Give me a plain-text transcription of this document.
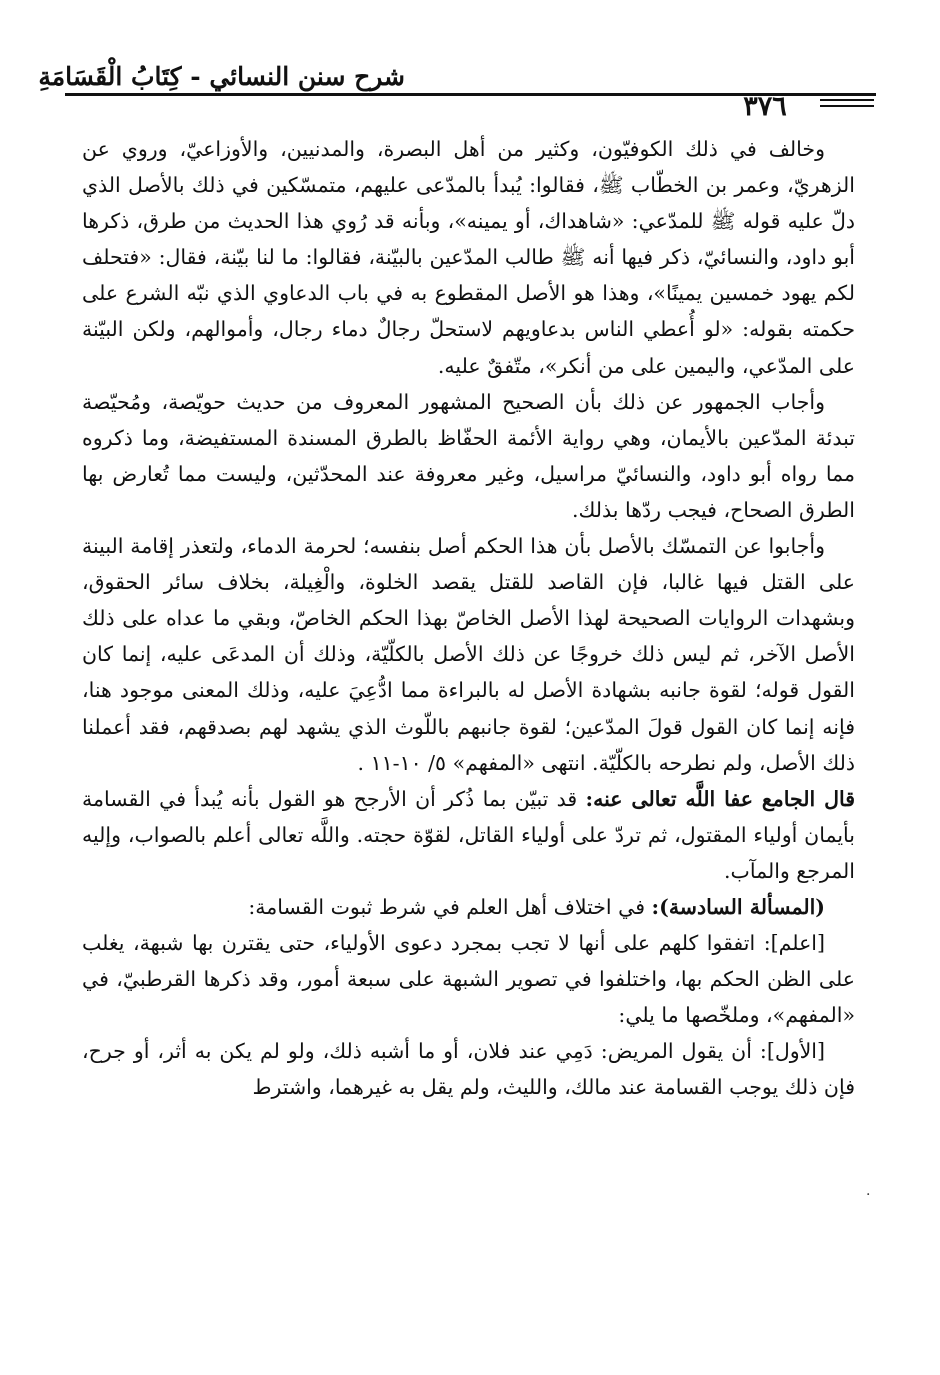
شرح سنن النسائي - كِتَابُ الْقَسَامَةِ
٣٧٦

وخالف في ذلك الكوفيّون، وكثير من أهل البصرة، والمدنيين، والأوزاعيّ، وروي عن الزهريّ، وعمر بن الخطّاب ﷺ، فقالوا: يُبدأ بالمدّعى عليهم، متمسّكين في ذلك بالأصل الذي دلّ عليه قوله ﷺ للمدّعي: «شاهداك، أو يمينه»، وبأنه قد رُوي هذا الحديث من طرق، ذكرها أبو داود، والنسائيّ، ذكر فيها أنه ﷺ طالب المدّعين بالبيّنة، فقالوا: ما لنا بيّنة، فقال: «فتحلف لكم يهود خمسين يمينًا»، وهذا هو الأصل المقطوع به في باب الدعاوي الذي نبّه الشرع على حكمته بقوله: «لو أُعطي الناس بدعاويهم لاستحلّ رجالٌ دماء رجال، وأموالهم، ولكن البيّنة على المدّعي، واليمين على من أنكر»، متّفقٌ عليه.

وأجاب الجمهور عن ذلك بأن الصحيح المشهور المعروف من حديث حويّصة، ومُحيّصة تبدئة المدّعين بالأيمان، وهي رواية الأئمة الحفّاظ بالطرق المسندة المستفيضة، وما ذكروه مما رواه أبو داود، والنسائيّ مراسيل، وغير معروفة عند المحدّثين، وليست مما تُعارض بها الطرق الصحاح، فيجب ردّها بذلك.

وأجابوا عن التمسّك بالأصل بأن هذا الحكم أصل بنفسه؛ لحرمة الدماء، ولتعذر إقامة البينة على القتل فيها غالبا، فإن القاصد للقتل يقصد الخلوة، والْغِيلة، بخلاف سائر الحقوق، وبشهدات الروايات الصحيحة لهذا الأصل الخاصّ بهذا الحكم الخاصّ، وبقي ما عداه على ذلك الأصل الآخر، ثم ليس ذلك خروجًا عن ذلك الأصل بالكلّيّة، وذلك أن المدعَى عليه، إنما كان القول قوله؛ لقوة جانبه بشهادة الأصل له بالبراءة مما ادُّعِيَ عليه، وذلك المعنى موجود هنا، فإنه إنما كان القول قولَ المدّعين؛ لقوة جانبهم باللّوث الذي يشهد لهم بصدقهم، فقد أعملنا ذلك الأصل، ولم نطرحه بالكلّيّة. انتهى «المفهم» ٥/ ١٠-١١ .

قال الجامع عفا اللَّه تعالى عنه: قد تبيّن بما ذُكر أن الأرجح هو القول بأنه يُبدأ في القسامة بأيمان أولياء المقتول، ثم تردّ على أولياء القاتل، لقوّة حجته. واللَّه تعالى أعلم بالصواب، وإليه المرجع والمآب.

(المسألة السادسة): في اختلاف أهل العلم في شرط ثبوت القسامة:

[اعلم]: اتفقوا كلهم على أنها لا تجب بمجرد دعوى الأولياء، حتى يقترن بها شبهة، يغلب على الظن الحكم بها، واختلفوا في تصوير الشبهة على سبعة أمور، وقد ذكرها القرطبيّ، في «المفهم»، وملخّصها ما يلي:

[الأول]: أن يقول المريض: دَمِي عند فلان، أو ما أشبه ذلك، ولو لم يكن به أثر، أو جرح، فإن ذلك يوجب القسامة عند مالك، والليث، ولم يقل به غيرهما، واشترط

·
